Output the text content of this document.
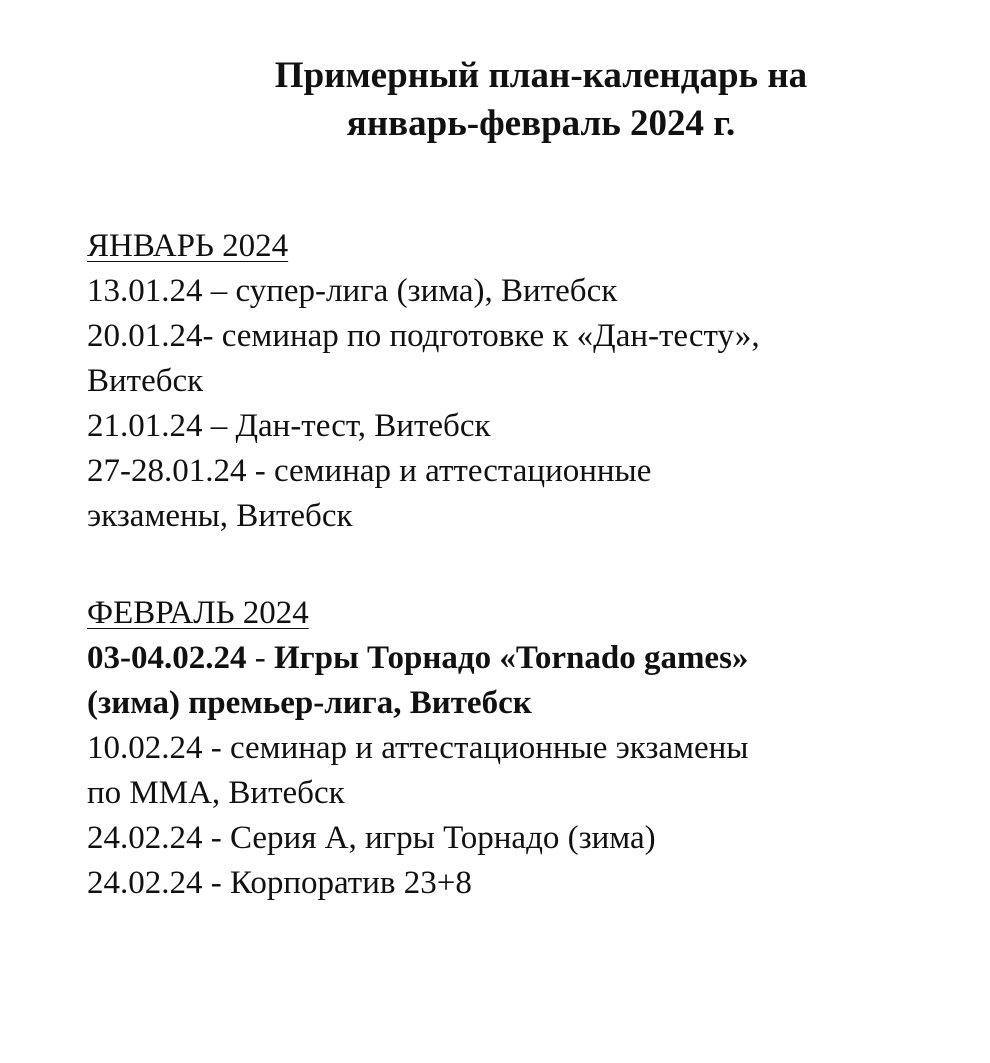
Примерный план-календарь на
январь-февраль 2024 г.
ЯНВАРЬ 2024
13.01.24 – супер-лига (зима), Витебск
20.01.24- семинар по подготовке к «Дан-тесту»,
Витебск
21.01.24 – Дан-тест, Витебск
27-28.01.24 - семинар и аттестационные
экзамены, Витебск
ФЕВРАЛЬ 2024
03-04.02.24 - Игры Торнадо «Tornado games»
(зима) премьер-лига, Витебск
10.02.24 - семинар и аттестационные экзамены
по ММА, Витебск
24.02.24 - Серия А, игры Торнадо (зима)
24.02.24 - Корпоратив 23+8
